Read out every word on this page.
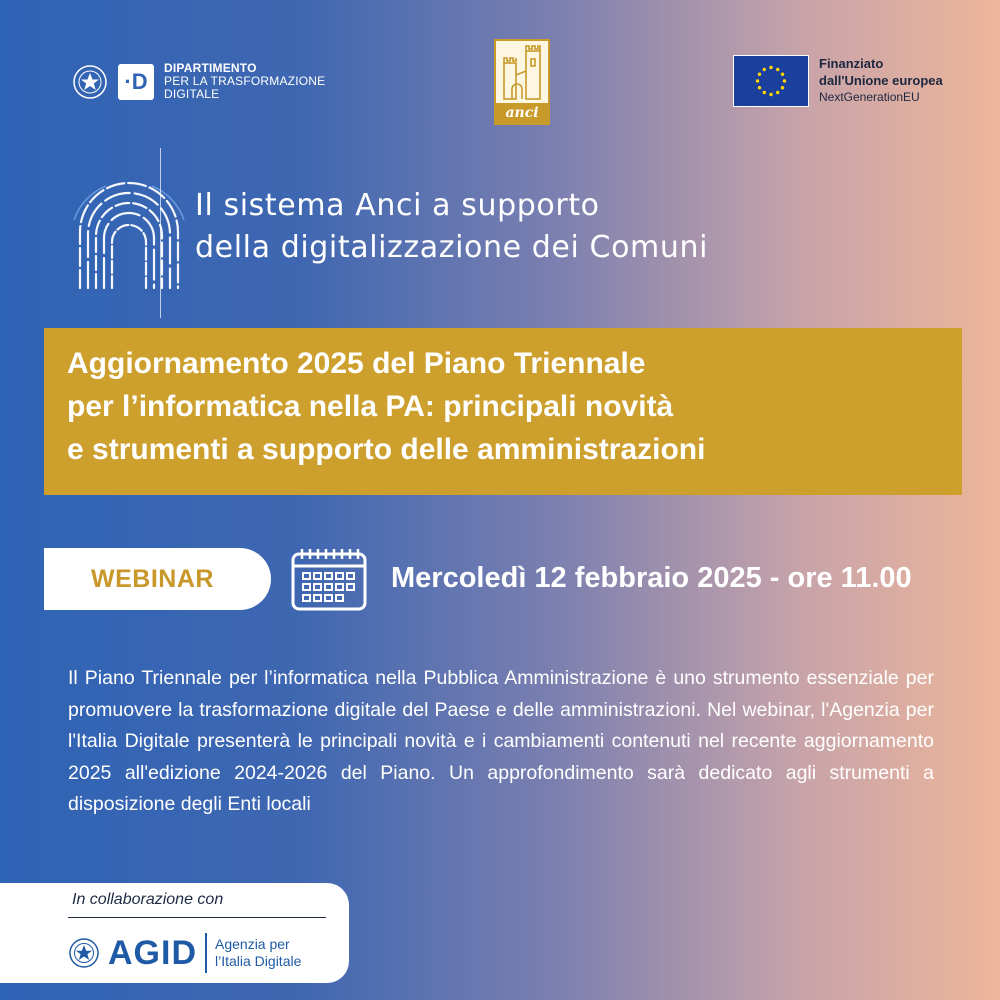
·D
DIPARTIMENTO
PER LA TRASFORMAZIONE
DIGITALE
anci
Finanziato
dall'Unione europea
NextGenerationEU
Il sistema Anci a supporto
della digitalizzazione dei Comuni
Aggiornamento 2025 del Piano Triennale
per l’informatica nella PA: principali novità
e strumenti a supporto delle amministrazioni
WEBINAR	Mercoledì 12 febbraio 2025 - ore 11.00
Il Piano Triennale per l’informatica nella Pubblica Amministrazione è uno strumento essenziale per promuovere la trasformazione digitale del Paese e delle amministrazioni. Nel webinar, l'Agenzia per l'Italia Digitale presenterà le principali novità e i cambiamenti contenuti nel recente aggiornamento 2025 all'edizione 2024-2026 del Piano. Un approfondimento sarà dedicato agli strumenti a disposizione degli Enti locali
In collaborazione con
AGID Agenzia per
l’Italia Digitale
